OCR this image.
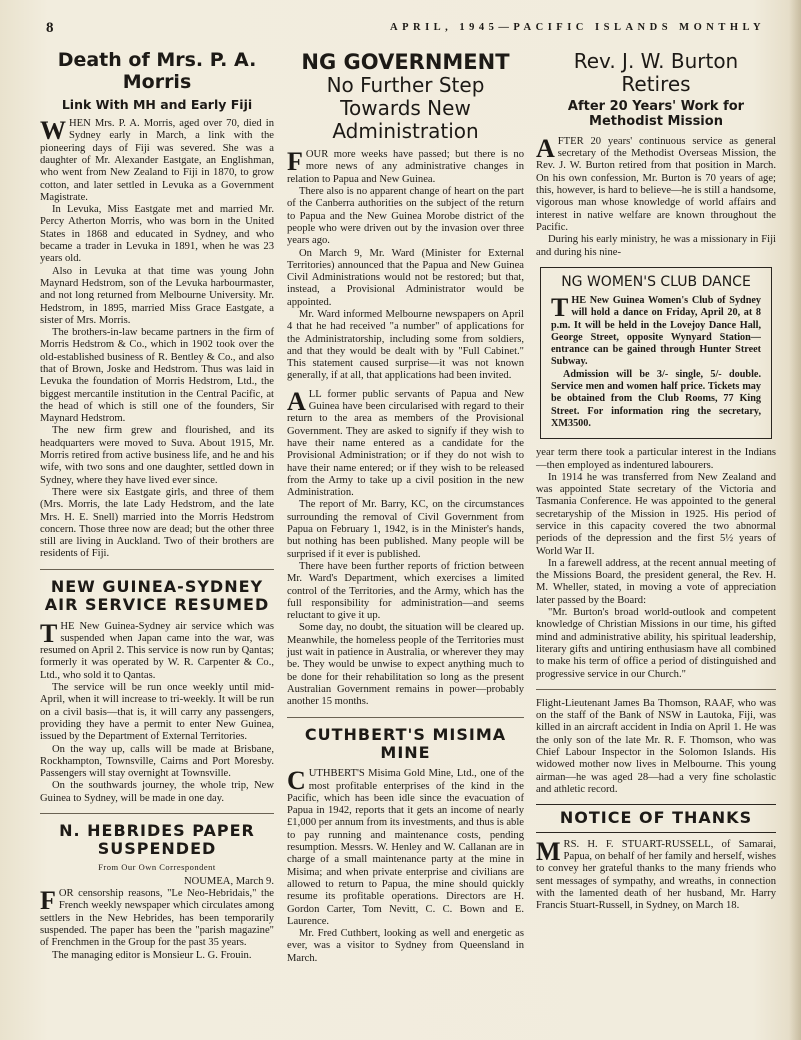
8	APRIL, 1945—PACIFIC ISLANDS MONTHLY
Death of Mrs. P. A. Morris
Link With MH and Early Fiji
W HEN Mrs. P. A. Morris, aged over 70, died in Sydney early in March, a link with the pioneering days of Fiji was severed. She was a daughter of Mr. Alexander Eastgate, an Englishman, who went from New Zealand to Fiji in 1870, to grow cotton, and later settled in Levuka as a Government Magistrate.

In Levuka, Miss Eastgate met and married Mr. Percy Atherton Morris, who was born in the United States in 1868 and educated in Sydney, and who became a trader in Levuka in 1891, when he was 23 years old.

Also in Levuka at that time was young John Maynard Hedstrom, son of the Levuka harbourmaster, and not long returned from Melbourne University. Mr. Hedstrom, in 1895, married Miss Grace Eastgate, a sister of Mrs. Morris.

The brothers-in-law became partners in the firm of Morris Hedstrom & Co., which in 1902 took over the old-established business of R. Bentley & Co., and also that of Brown, Joske and Hedstrom. Thus was laid in Levuka the foundation of Morris Hedstrom, Ltd., the biggest mercantile institution in the Central Pacific, at the head of which is still one of the founders, Sir Maynard Hedstrom.

The new firm grew and flourished, and its headquarters were moved to Suva. About 1915, Mr. Morris retired from active business life, and he and his wife, with two sons and one daughter, settled down in Sydney, where they have lived ever since.

There were six Eastgate girls, and three of them (Mrs. Morris, the late Lady Hedstrom, and the late Mrs. H. E. Snell) married into the Morris Hedstrom concern. Those three now are dead; but the other three still are living in Auckland. Two of their brothers are residents of Fiji.

NEW GUINEA-SYDNEY AIR SERVICE RESUMED
T HE New Guinea-Sydney air service which was suspended when Japan came into the war, was resumed on April 2. This service is now run by Qantas; formerly it was operated by W. R. Carpenter & Co., Ltd., who sold it to Qantas.

The service will be run once weekly until mid-April, when it will increase to tri-weekly. It will be run on a civil basis—that is, it will carry any passengers, providing they have a permit to enter New Guinea, issued by the Department of External Territories.

On the way up, calls will be made at Brisbane, Rockhampton, Townsville, Cairns and Port Moresby. Passengers will stay overnight at Townsville.

On the southwards journey, the whole trip, New Guinea to Sydney, will be made in one day.

N. HEBRIDES PAPER SUSPENDED
From Our Own Correspondent
NOUMEA, March 9.
F OR censorship reasons, "Le Neo-Hebridais," the French weekly newspaper which circulates among settlers in the New Hebrides, has been temporarily suspended. The paper has been the "parish magazine" of Frenchmen in the Group for the past 35 years.

The managing editor is Monsieur L. G. Frouin.

NG GOVERNMENT
No Further Step Towards New Administration
F OUR more weeks have passed; but there is no more news of any administrative changes in relation to Papua and New Guinea.

There also is no apparent change of heart on the part of the Canberra authorities on the subject of the return to Papua and the New Guinea Morobe district of the people who were driven out by the invasion over three years ago.

On March 9, Mr. Ward (Minister for External Territories) announced that the Papua and New Guinea Civil Administrations would not be restored; but that, instead, a Provisional Administrator would be appointed.

Mr. Ward informed Melbourne newspapers on April 4 that he had received "a number" of applications for the Administratorship, including some from soldiers, and that they would be dealt with by "Full Cabinet." This statement caused surprise—it was not known generally, if at all, that applications had been invited.

A LL former public servants of Papua and New Guinea have been circularised with regard to their return to the area as members of the Provisional Government. They are asked to signify if they wish to have their name entered as a candidate for the Provisional Administration; or if they do not wish to have their name entered; or if they wish to be released from the Army to take up a civil position in the new Administration.

The report of Mr. Barry, KC, on the circumstances surrounding the removal of Civil Government from Papua on February 1, 1942, is in the Minister's hands, but nothing has been published. Many people will be surprised if it ever is published.

There have been further reports of friction between Mr. Ward's Department, which exercises a limited control of the Territories, and the Army, which has the full responsibility for administration—and seems reluctant to give it up.

Some day, no doubt, the situation will be cleared up. Meanwhile, the homeless people of the Territories must just wait in patience in Australia, or wherever they may be. They would be unwise to expect anything much to be done for their rehabilitation so long as the present Australian Government remains in power—probably another 15 months.

CUTHBERT'S MISIMA MINE
C UTHBERT'S Misima Gold Mine, Ltd., one of the most profitable enterprises of the kind in the Pacific, which has been idle since the evacuation of Papua in 1942, reports that it gets an income of nearly £1,000 per annum from its investments, and thus is able to pay running and maintenance costs, pending resumption. Messrs. W. Henley and W. Callanan are in charge of a small maintenance party at the mine in Misima; and when private enterprise and civilians are allowed to return to Papua, the mine should quickly resume its profitable operations. Directors are H. Gordon Carter, Tom Nevitt, C. C. Bown and E. Laurence.

Mr. Fred Cuthbert, looking as well and energetic as ever, was a visitor to Sydney from Queensland in March.

Rev. J. W. Burton Retires
After 20 Years' Work for Methodist Mission
A FTER 20 years' continuous service as general secretary of the Methodist Overseas Mission, the Rev. J. W. Burton retired from that position in March. On his own confession, Mr. Burton is 70 years of age; this, however, is hard to believe—he is still a handsome, vigorous man whose knowledge of world affairs and interest in native welfare are known throughout the Pacific.

During his early ministry, he was a missionary in Fiji and during his nine-

NG WOMEN'S CLUB DANCE
T HE New Guinea Women's Club of Sydney will hold a dance on Friday, April 20, at 8 p.m. It will be held in the Lovejoy Dance Hall, George Street, opposite Wynyard Station—entrance can be gained through Hunter Street Subway.

Admission will be 3/- single, 5/- double. Service men and women half price. Tickets may be obtained from the Club Rooms, 77 King Street. For information ring the secretary, XM3500.

year term there took a particular interest in the Indians—then employed as indentured labourers.

In 1914 he was transferred from New Zealand and was appointed State secretary of the Victoria and Tasmania Conference. He was appointed to the general secretaryship of the Mission in 1925. His period of service in this capacity covered the two abnormal periods of the depression and the first 5½ years of World War II.

In a farewell address, at the recent annual meeting of the Missions Board, the president general, the Rev. H. M. Wheller, stated, in moving a vote of appreciation later passed by the Board:

"Mr. Burton's broad world-outlook and competent knowledge of Christian Missions in our time, his gifted mind and administrative ability, his spiritual leadership, literary gifts and untiring enthusiasm have all combined to make his term of office a period of distinguished and progressive service in our Church."

Flight-Lieutenant James Ba Thomson, RAAF, who was on the staff of the Bank of NSW in Lautoka, Fiji, was killed in an aircraft accident in India on April 1. He was the only son of the late Mr. R. F. Thomson, who was Chief Labour Inspector in the Solomon Islands. His widowed mother now lives in Melbourne. This young airman—he was aged 28—had a very fine scholastic and athletic record.

NOTICE OF THANKS
M RS. H. F. STUART-RUSSELL, of Samarai, Papua, on behalf of her family and herself, wishes to convey her grateful thanks to the many friends who sent messages of sympathy, and wreaths, in connection with the lamented death of her husband, Mr. Harry Francis Stuart-Russell, in Sydney, on March 18.
